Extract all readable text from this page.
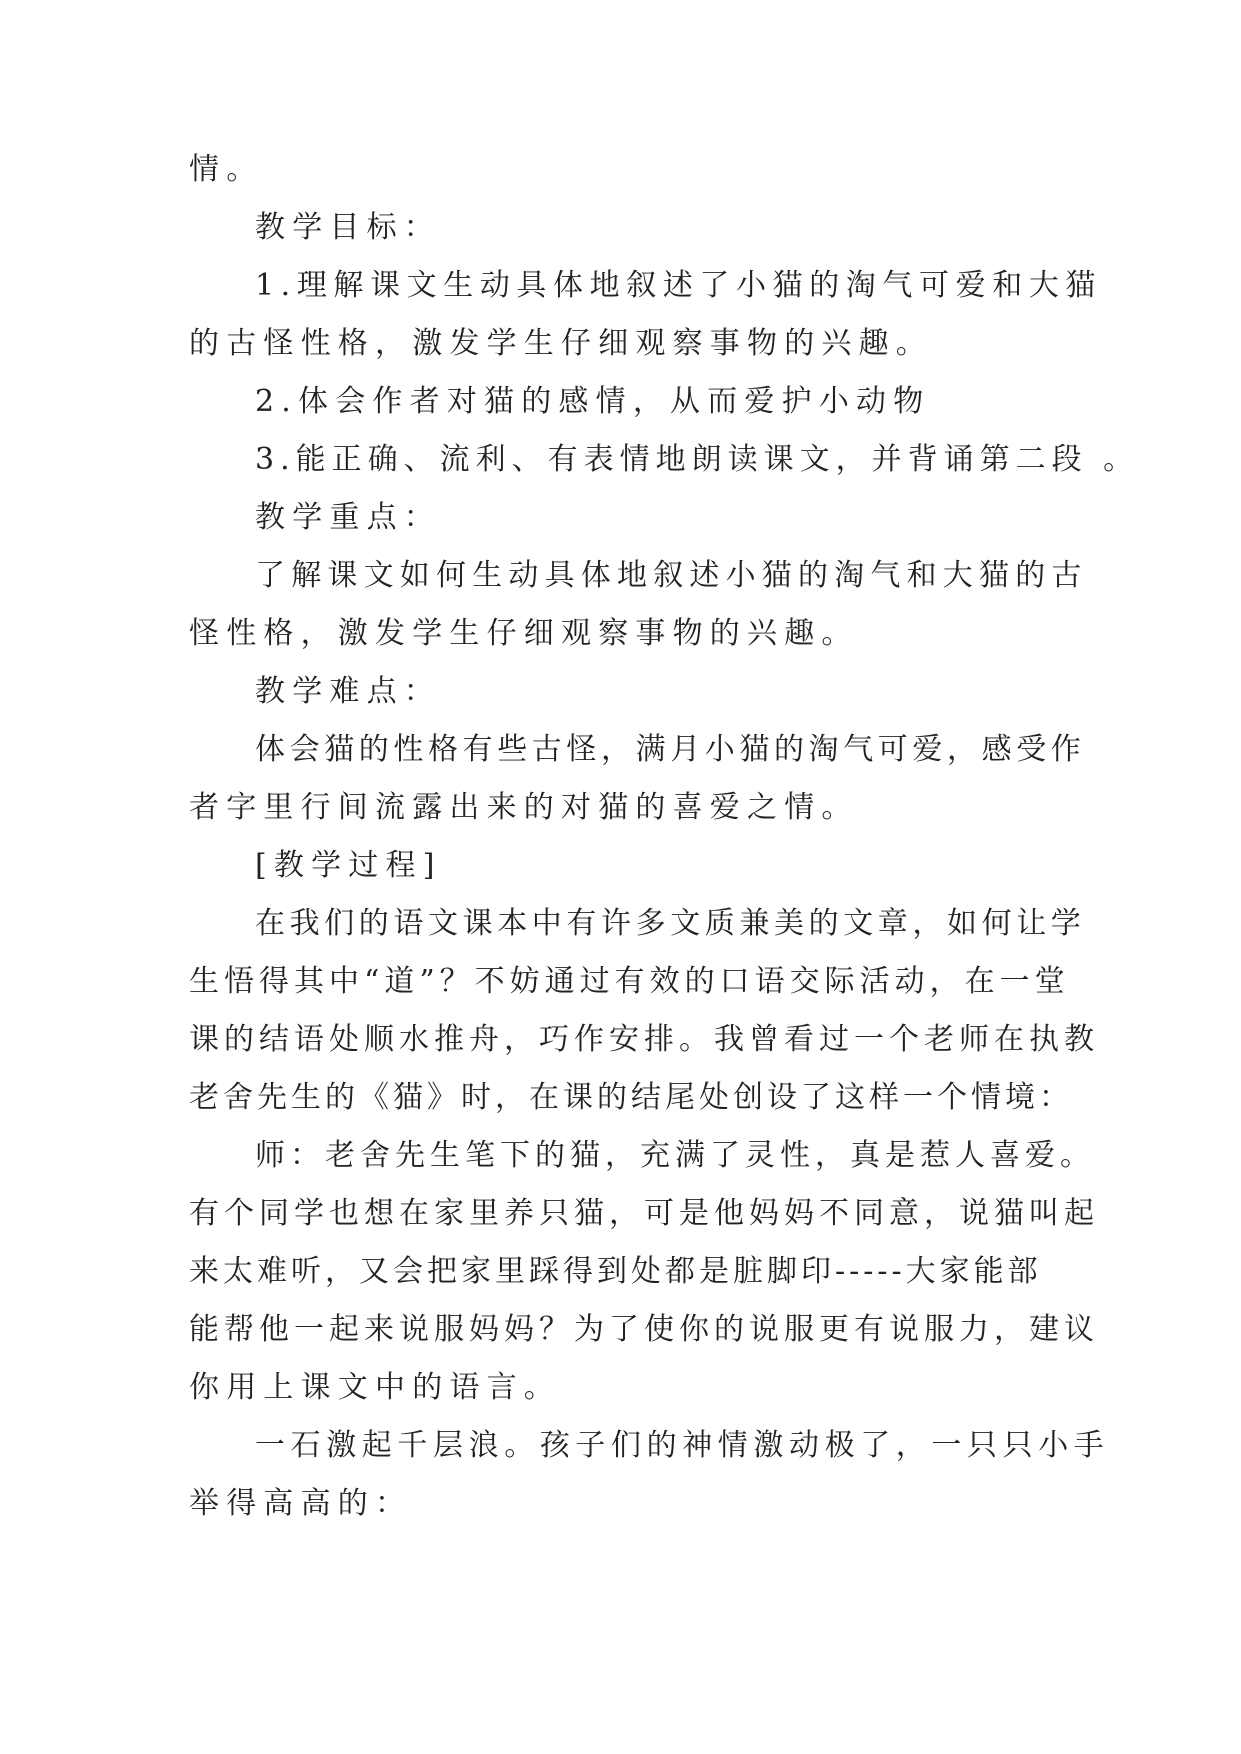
情。
教学目标：
1.理解课文生动具体地叙述了小猫的淘气可爱和大猫
的古怪性格，激发学生仔细观察事物的兴趣。
2.体会作者对猫的感情，从而爱护小动物
3.能正确、流利、有表情地朗读课文，并背诵第二段 。
教学重点：
了解课文如何生动具体地叙述小猫的淘气和大猫的古
怪性格，激发学生仔细观察事物的兴趣。
教学难点：
体会猫的性格有些古怪，满月小猫的淘气可爱，感受作
者字里行间流露出来的对猫的喜爱之情。
[教学过程]
在我们的语文课本中有许多文质兼美的文章，如何让学
生悟得其中“道”？不妨通过有效的口语交际活动，在一堂
课的结语处顺水推舟，巧作安排。我曾看过一个老师在执教
老舍先生的《猫》时，在课的结尾处创设了这样一个情境：
师：老舍先生笔下的猫，充满了灵性，真是惹人喜爱。
有个同学也想在家里养只猫，可是他妈妈不同意，说猫叫起
来太难听，又会把家里踩得到处都是脏脚印-----大家能部
能帮他一起来说服妈妈？为了使你的说服更有说服力，建议
你用上课文中的语言。
一石激起千层浪。孩子们的神情激动极了，一只只小手
举得高高的：
